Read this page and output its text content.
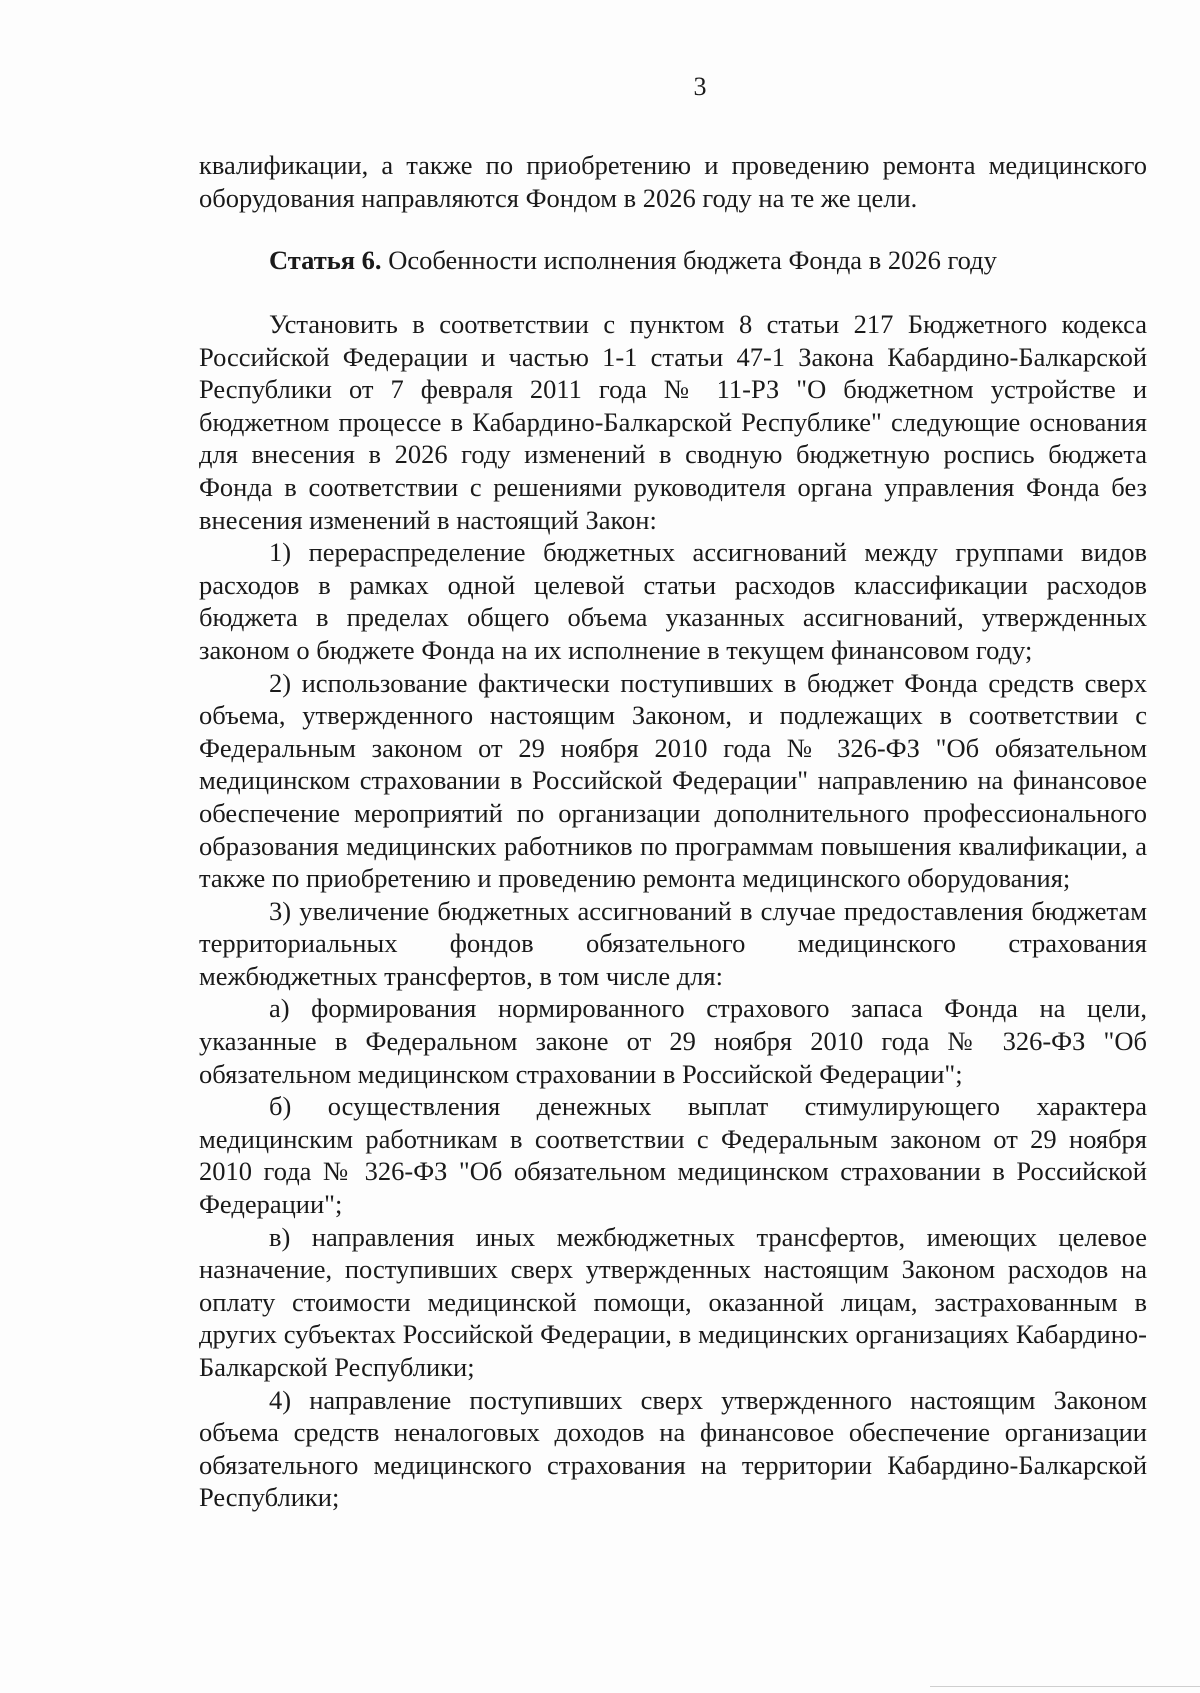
3

квалификации, а также по приобретению и проведению ремонта медицинского оборудования направляются Фондом в 2026 году на те же цели.

Статья 6. Особенности исполнения бюджета Фонда в 2026 году

Установить в соответствии с пунктом 8 статьи 217 Бюджетного кодекса Российской Федерации и частью 1-1 статьи 47-1 Закона Кабардино-Балкарской Республики от 7 февраля 2011 года № 11-РЗ "О бюджетном устройстве и бюджетном процессе в Кабардино-Балкарской Республике" следующие основания для внесения в 2026 году изменений в сводную бюджетную роспись бюджета Фонда в соответствии с решениями руководителя органа управления Фонда без внесения изменений в настоящий Закон:

1) перераспределение бюджетных ассигнований между группами видов расходов в рамках одной целевой статьи расходов классификации расходов бюджета в пределах общего объема указанных ассигнований, утвержденных законом о бюджете Фонда на их исполнение в текущем финансовом году;

2) использование фактически поступивших в бюджет Фонда средств сверх объема, утвержденного настоящим Законом, и подлежащих в соответствии с Федеральным законом от 29 ноября 2010 года № 326-ФЗ "Об обязательном медицинском страховании в Российской Федерации" направлению на финансовое обеспечение мероприятий по организации дополнительного профессионального образования медицинских работников по программам повышения квалификации, а также по приобретению и проведению ремонта медицинского оборудования;

3) увеличение бюджетных ассигнований в случае предоставления бюджетам территориальных фондов обязательного медицинского страхования межбюджетных трансфертов, в том числе для:

а) формирования нормированного страхового запаса Фонда на цели, указанные в Федеральном законе от 29 ноября 2010 года № 326-ФЗ "Об обязательном медицинском страховании в Российской Федерации";

б) осуществления денежных выплат стимулирующего характера медицинским работникам в соответствии с Федеральным законом от 29 ноября 2010 года № 326-ФЗ "Об обязательном медицинском страховании в Российской Федерации";

в) направления иных межбюджетных трансфертов, имеющих целевое назначение, поступивших сверх утвержденных настоящим Законом расходов на оплату стоимости медицинской помощи, оказанной лицам, застрахованным в других субъектах Российской Федерации, в медицинских организациях Кабардино-Балкарской Республики;

4) направление поступивших сверх утвержденного настоящим Законом объема средств неналоговых доходов на финансовое обеспечение организации обязательного медицинского страхования на территории Кабардино-Балкарской Республики;
